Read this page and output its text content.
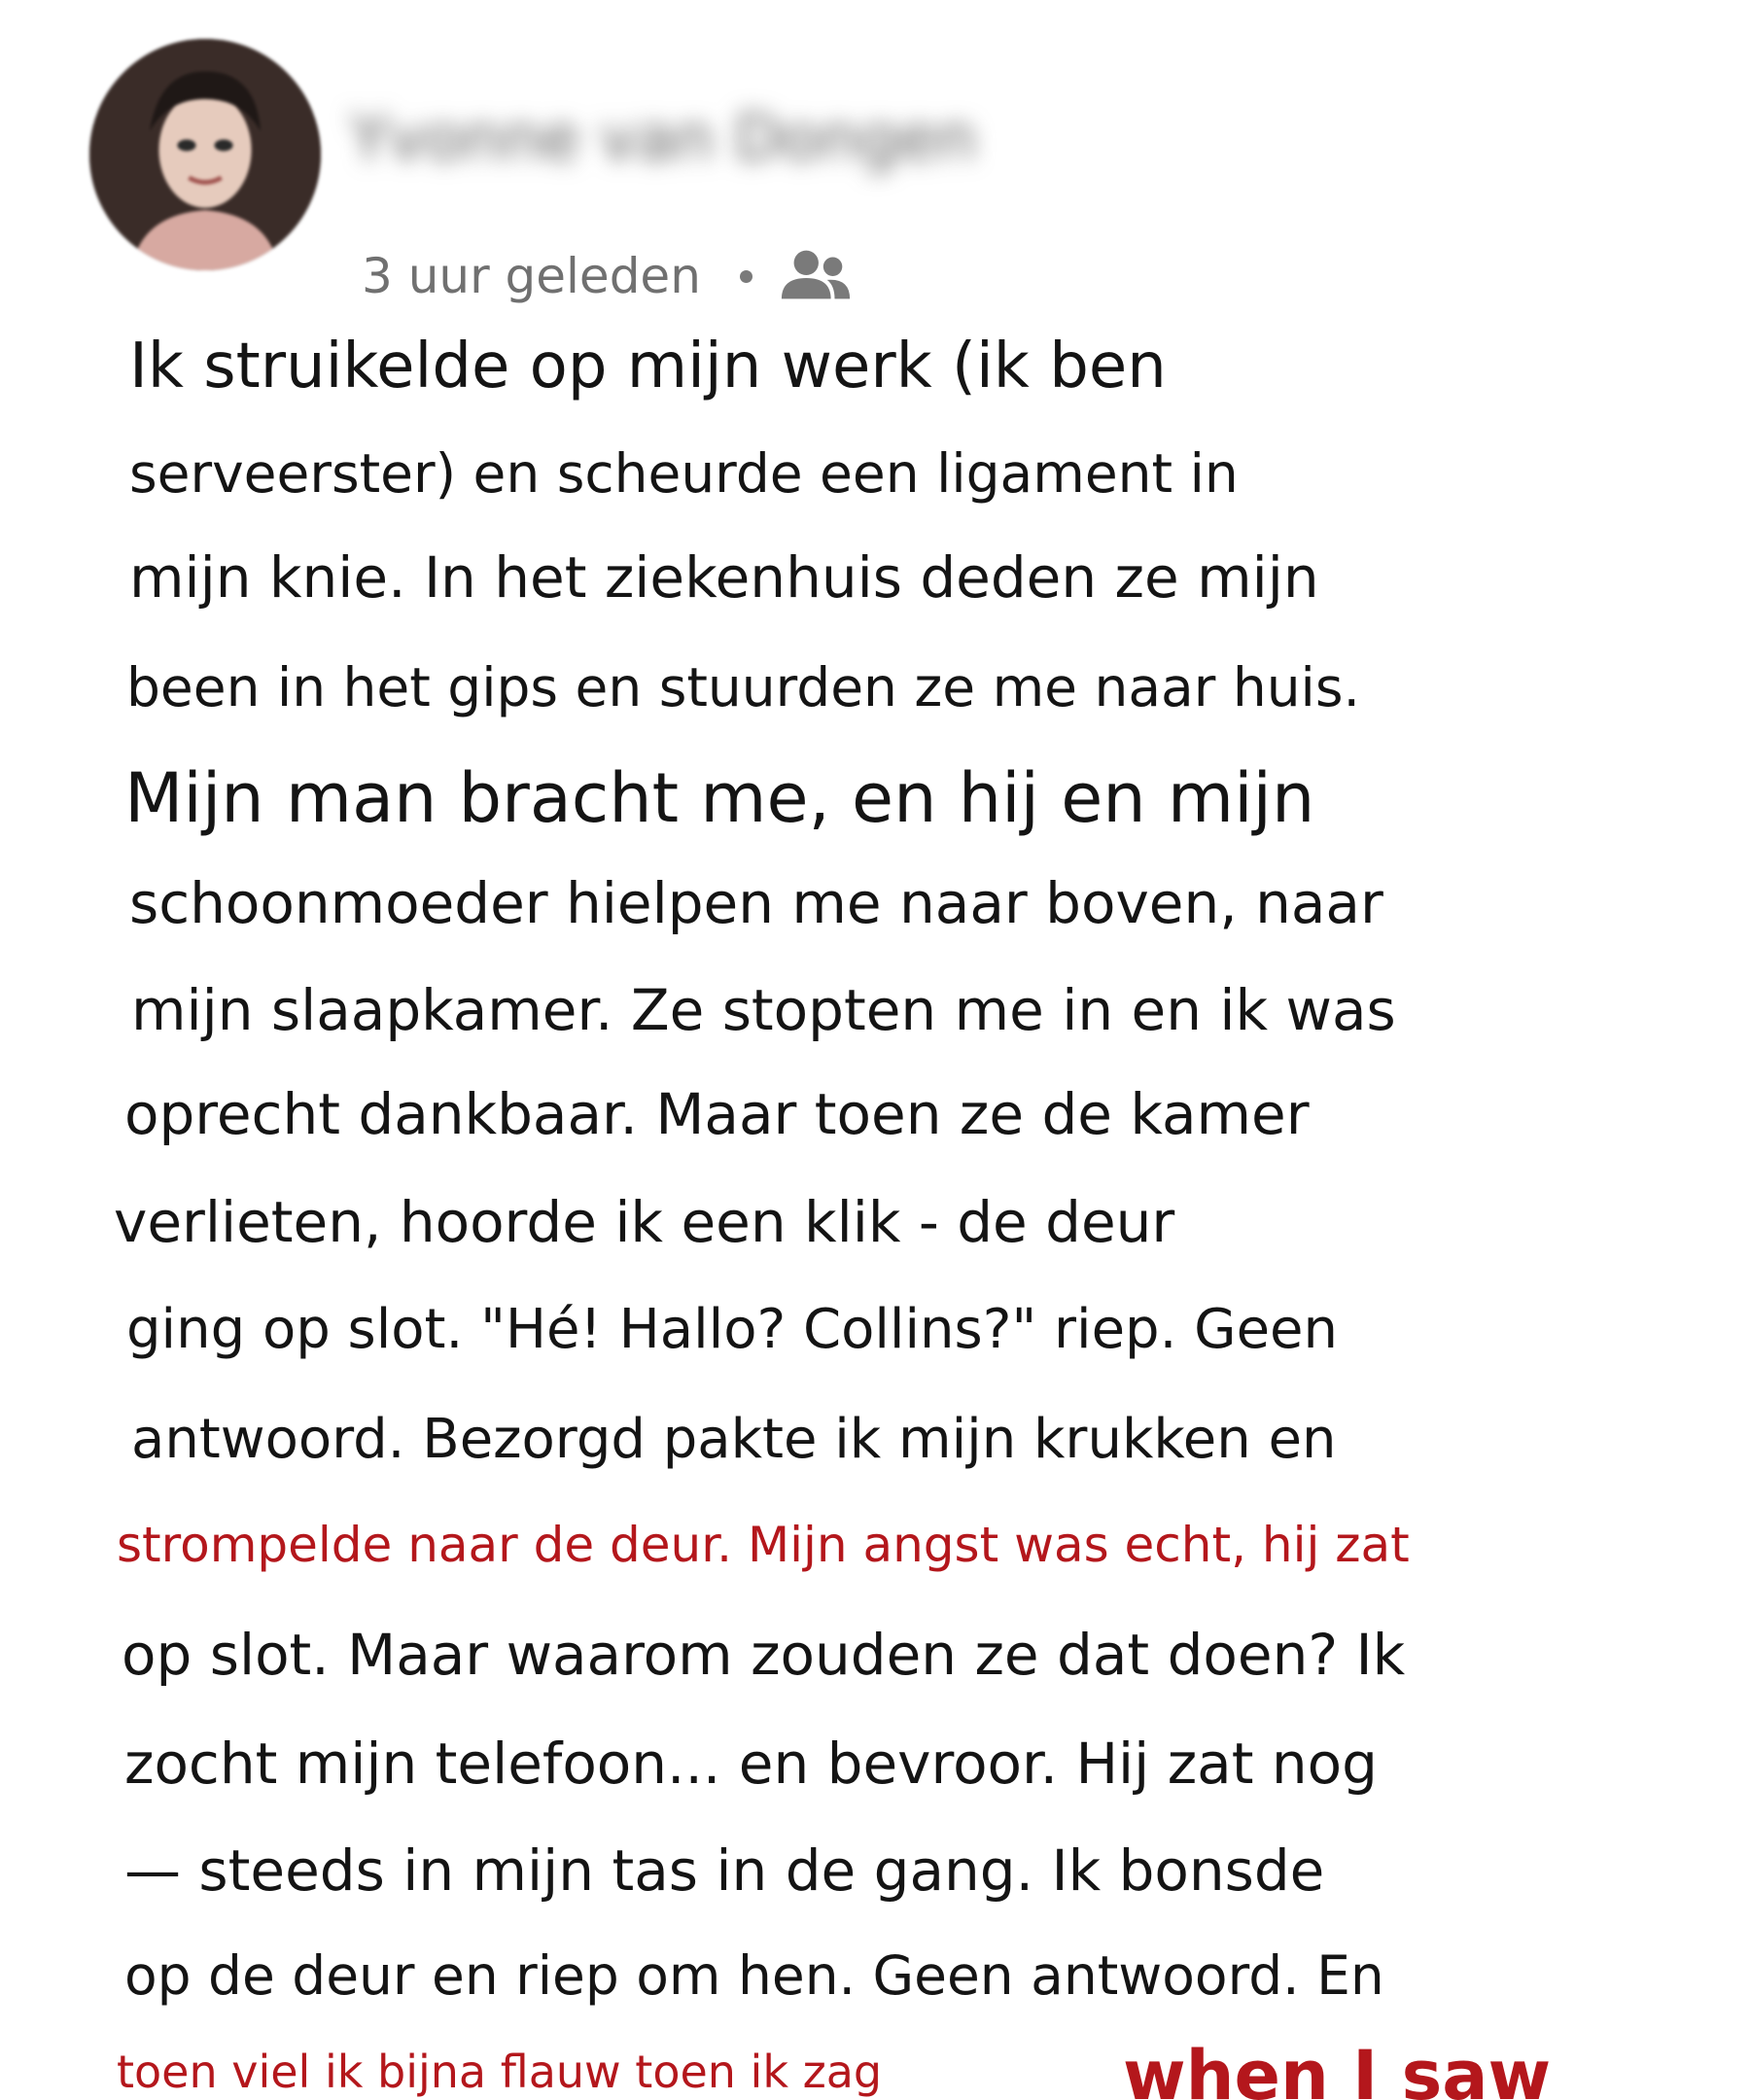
Yvonne van Dongen
3 uur geleden
Ik struikelde op mijn werk (ik ben
serveerster) en scheurde een ligament in
mijn knie. In het ziekenhuis deden ze mijn
been in het gips en stuurden ze me naar huis.
Mijn man bracht me, en hij en mijn
schoonmoeder hielpen me naar boven, naar
mijn slaapkamer. Ze stopten me in en ik was
oprecht dankbaar. Maar toen ze de kamer
verlieten, hoorde ik een klik - de deur
ging op slot. "Hé! Hallo? Collins?" riep. Geen
antwoord. Bezorgd pakte ik mijn krukken en
strompelde naar de deur. Mijn angst was echt, hij zat
op slot. Maar waarom zouden ze dat doen? Ik
zocht mijn telefoon... en bevroor. Hij zat nog
— steeds in mijn tas in de gang. Ik bonsde
op de deur en riep om hen. Geen antwoord. En
toen viel ik bijna flauw toen ik zag	when I saw
